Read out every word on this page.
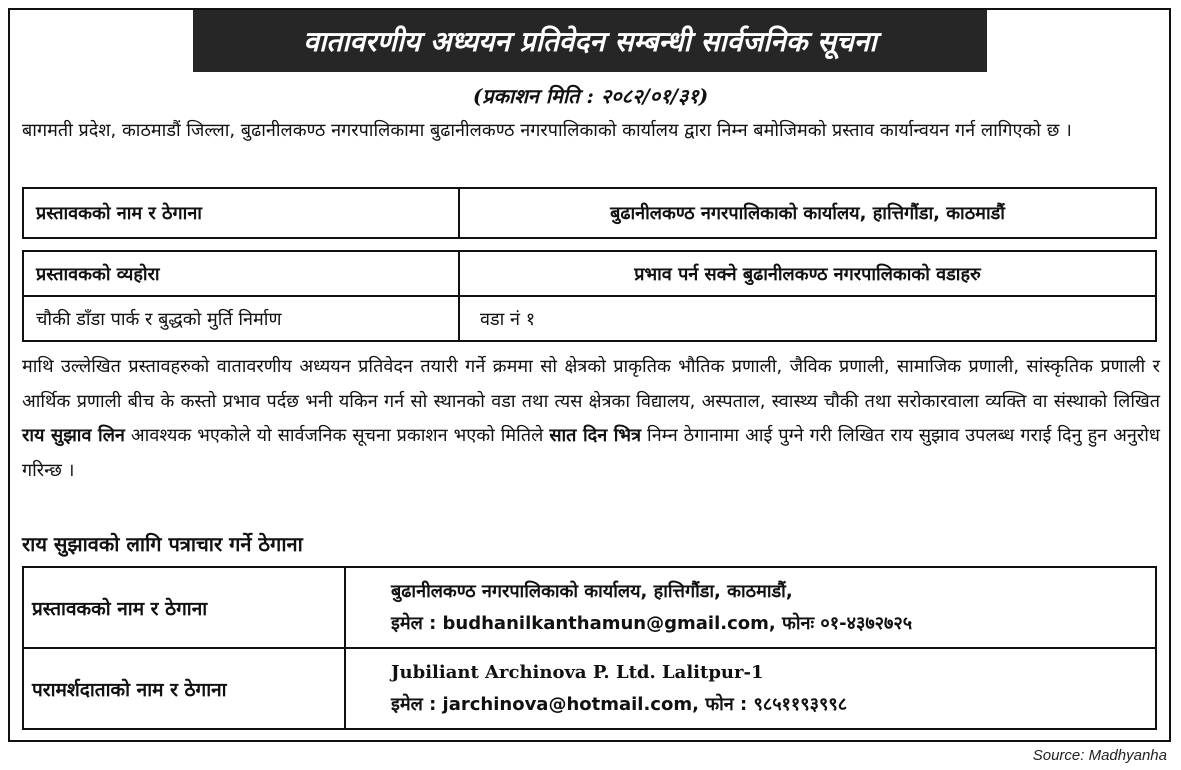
वातावरणीय अध्ययन प्रतिवेदन सम्बन्धी सार्वजनिक सूचना
(प्रकाशन मिति : २०८२/०१/३१)

बागमती प्रदेश, काठमाडौं जिल्ला, बुढानीलकण्ठ नगरपालिकामा बुढानीलकण्ठ नगरपालिकाको कार्यालय द्वारा निम्न बमोजिमको प्रस्ताव कार्यान्वयन गर्न लागिएको छ ।

प्रस्तावकको नाम र ठेगाना	बुढानीलकण्ठ नगरपालिकाको कार्यालय, हात्तिगौंडा, काठमाडौं
प्रस्तावकको व्यहोरा	प्रभाव पर्न सक्ने बुढानीलकण्ठ नगरपालिकाको वडाहरु
चौकी डाँडा पार्क र बुद्धको मुर्ति निर्माण	वडा नं १

माथि उल्लेखित प्रस्तावहरुको वातावरणीय अध्ययन प्रतिवेदन तयारी गर्ने क्रममा सो क्षेत्रको प्राकृतिक भौतिक प्रणाली, जैविक प्रणाली, सामाजिक प्रणाली, सांस्कृतिक प्रणाली र आर्थिक प्रणाली बीच के कस्तो प्रभाव पर्दछ भनी यकिन गर्न सो स्थानको वडा तथा त्यस क्षेत्रका विद्यालय, अस्पताल, स्वास्थ्य चौकी तथा सरोकारवाला व्यक्ति वा संस्थाको लिखित राय सुझाव लिन आवश्यक भएकोले यो सार्वजनिक सूचना प्रकाशन भएको मितिले सात दिन भित्र निम्न ठेगानामा आई पुग्ने गरी लिखित राय सुझाव उपलब्ध गराई दिनु हुन अनुरोध गरिन्छ ।

राय सुझावको लागि पत्राचार गर्ने ठेगाना
प्रस्तावकको नाम र ठेगाना	बुढानीलकण्ठ नगरपालिकाको कार्यालय, हात्तिगौंडा, काठमाडौं,
इमेल : budhanilkanthamun@gmail.com, फोनः ०१-४३७२७२५

परामर्शदाताको नाम र ठेगाना	Jubiliant Archinova P. Ltd. Lalitpur-1
इमेल : jarchinova@hotmail.com, फोन : ९८५११९३९९८
Source: Madhyanha
